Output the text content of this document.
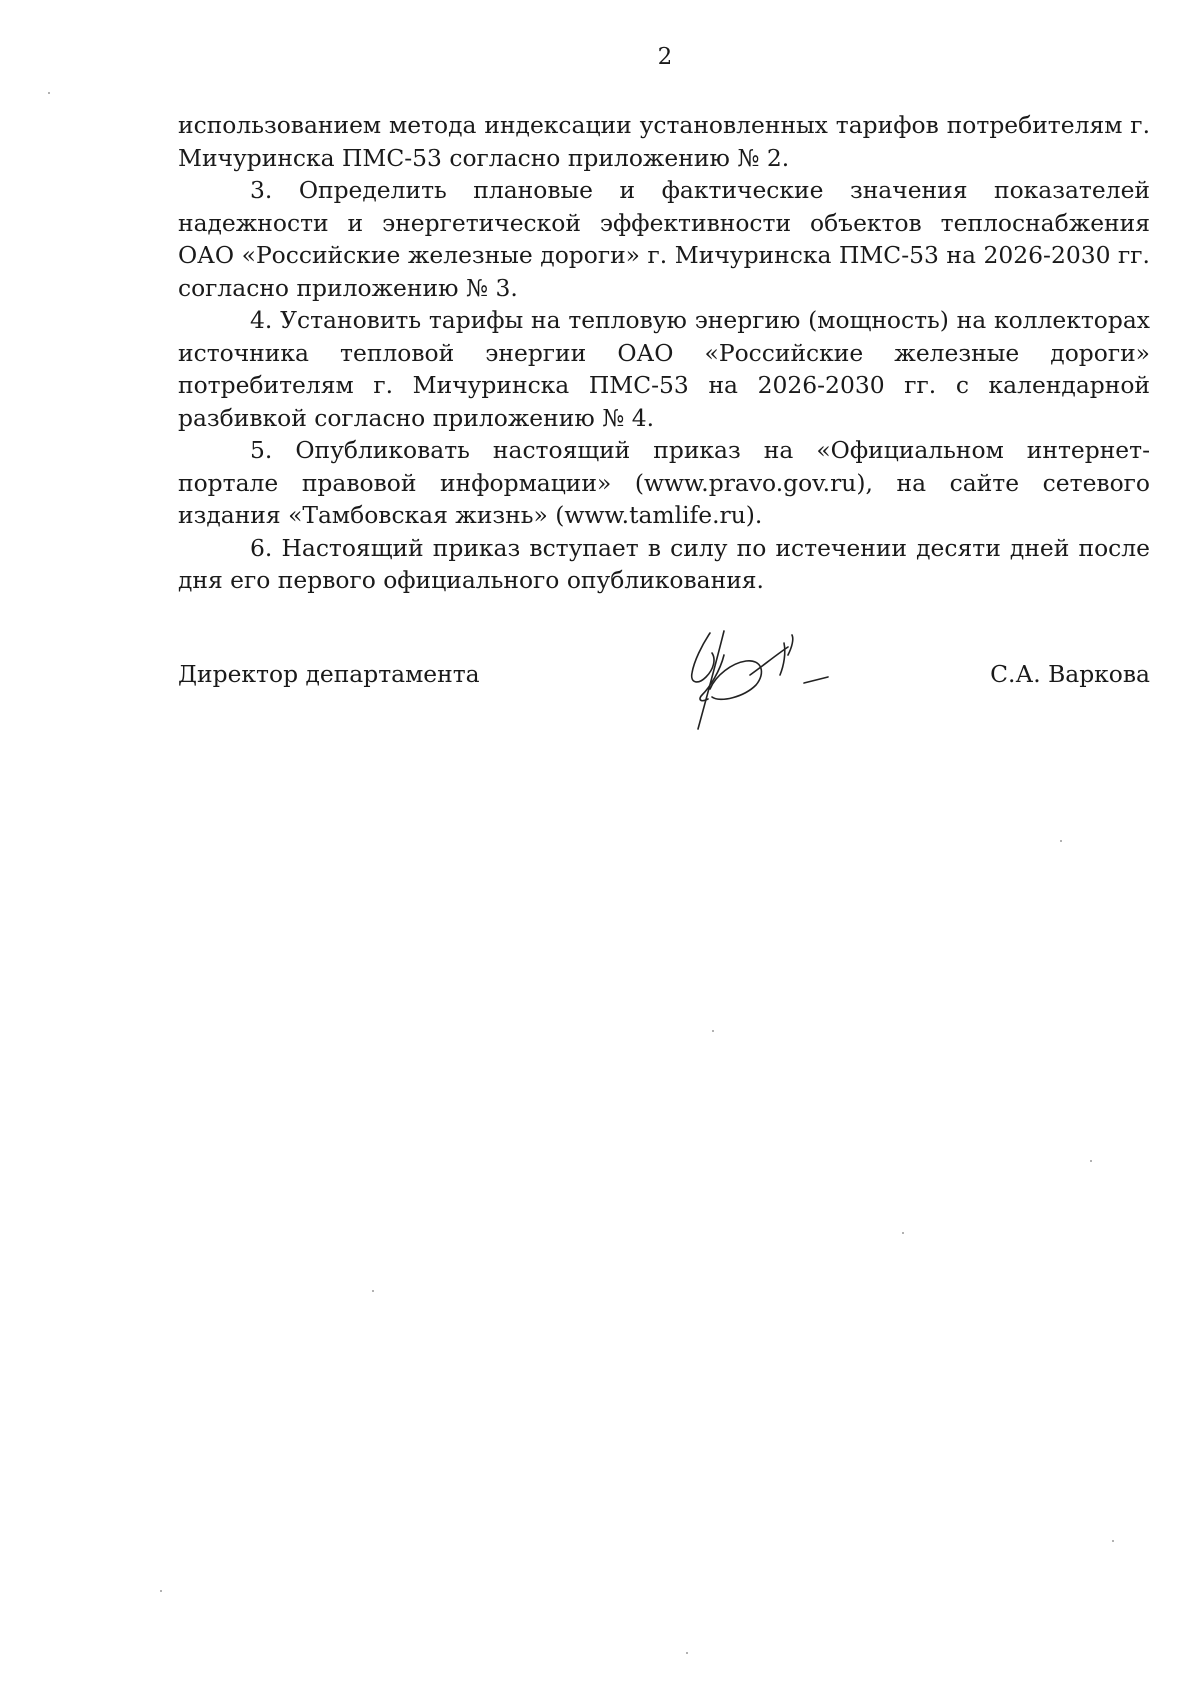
2

использованием метода индексации установленных тарифов потребителям г. Мичуринска ПМС-53 согласно приложению № 2.

3. Определить плановые и фактические значения показателей надежности и энергетической эффективности объектов теплоснабжения ОАО «Российские железные дороги» г. Мичуринска ПМС-53 на 2026-2030 гг. согласно приложению № 3.

4. Установить тарифы на тепловую энергию (мощность) на коллекторах источника тепловой энергии ОАО «Российские железные дороги» потребителям г. Мичуринска ПМС-53 на 2026-2030 гг. с календарной разбивкой согласно приложению № 4.

5. Опубликовать настоящий приказ на «Официальном интернет-портале правовой информации» (www.pravo.gov.ru), на сайте сетевого издания «Тамбовская жизнь» (www.tamlife.ru).

6. Настоящий приказ вступает в силу по истечении десяти дней после дня его первого официального опубликования.

Директор департамента	С.А. Варкова
